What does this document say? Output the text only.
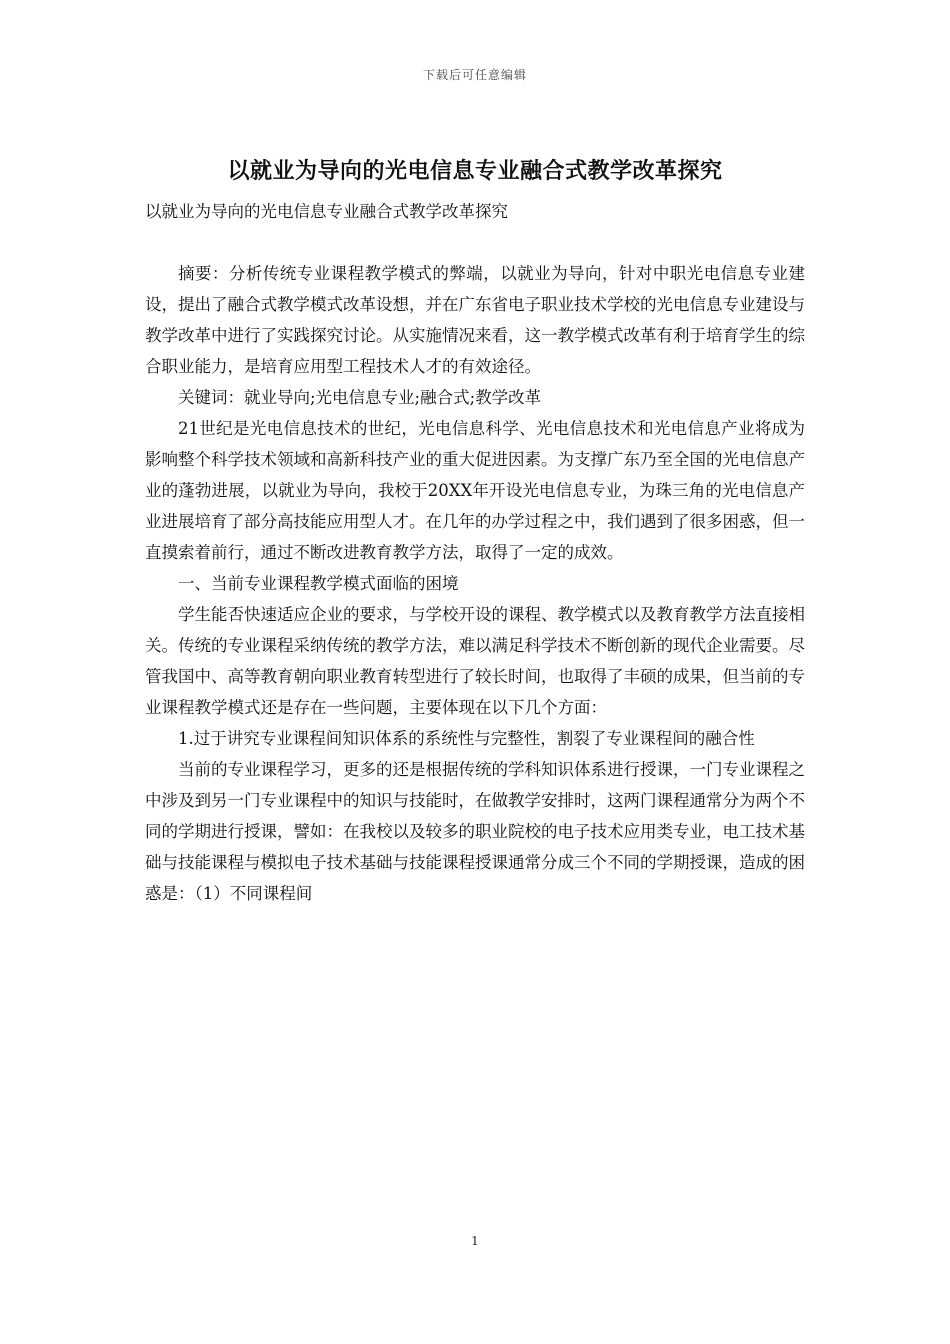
下载后可任意编辑
以就业为导向的光电信息专业融合式教学改革探究

以就业为导向的光电信息专业融合式教学改革探究

摘要：分析传统专业课程教学模式的弊端，以就业为导向，针对中职光电信息专业建设，提出了融合式教学模式改革设想，并在广东省电子职业技术学校的光电信息专业建设与教学改革中进行了实践探究讨论。从实施情况来看，这一教学模式改革有利于培育学生的综合职业能力，是培育应用型工程技术人才的有效途径。

关键词：就业导向;光电信息专业;融合式;教学改革

21世纪是光电信息技术的世纪，光电信息科学、光电信息技术和光电信息产业将成为影响整个科学技术领域和高新科技产业的重大促进因素。为支撑广东乃至全国的光电信息产业的蓬勃进展，以就业为导向，我校于20XX年开设光电信息专业，为珠三角的光电信息产业进展培育了部分高技能应用型人才。在几年的办学过程之中，我们遇到了很多困惑，但一直摸索着前行，通过不断改进教育教学方法，取得了一定的成效。

一、当前专业课程教学模式面临的困境

学生能否快速适应企业的要求，与学校开设的课程、教学模式以及教育教学方法直接相关。传统的专业课程采纳传统的教学方法，难以满足科学技术不断创新的现代企业需要。尽管我国中、高等教育朝向职业教育转型进行了较长时间，也取得了丰硕的成果，但当前的专业课程教学模式还是存在一些问题，主要体现在以下几个方面：

1.过于讲究专业课程间知识体系的系统性与完整性，割裂了专业课程间的融合性

当前的专业课程学习，更多的还是根据传统的学科知识体系进行授课，一门专业课程之中涉及到另一门专业课程中的知识与技能时，在做教学安排时，这两门课程通常分为两个不同的学期进行授课，譬如：在我校以及较多的职业院校的电子技术应用类专业，电工技术基础与技能课程与模拟电子技术基础与技能课程授课通常分成三个不同的学期授课，造成的困惑是：（1）不同课程间

1
